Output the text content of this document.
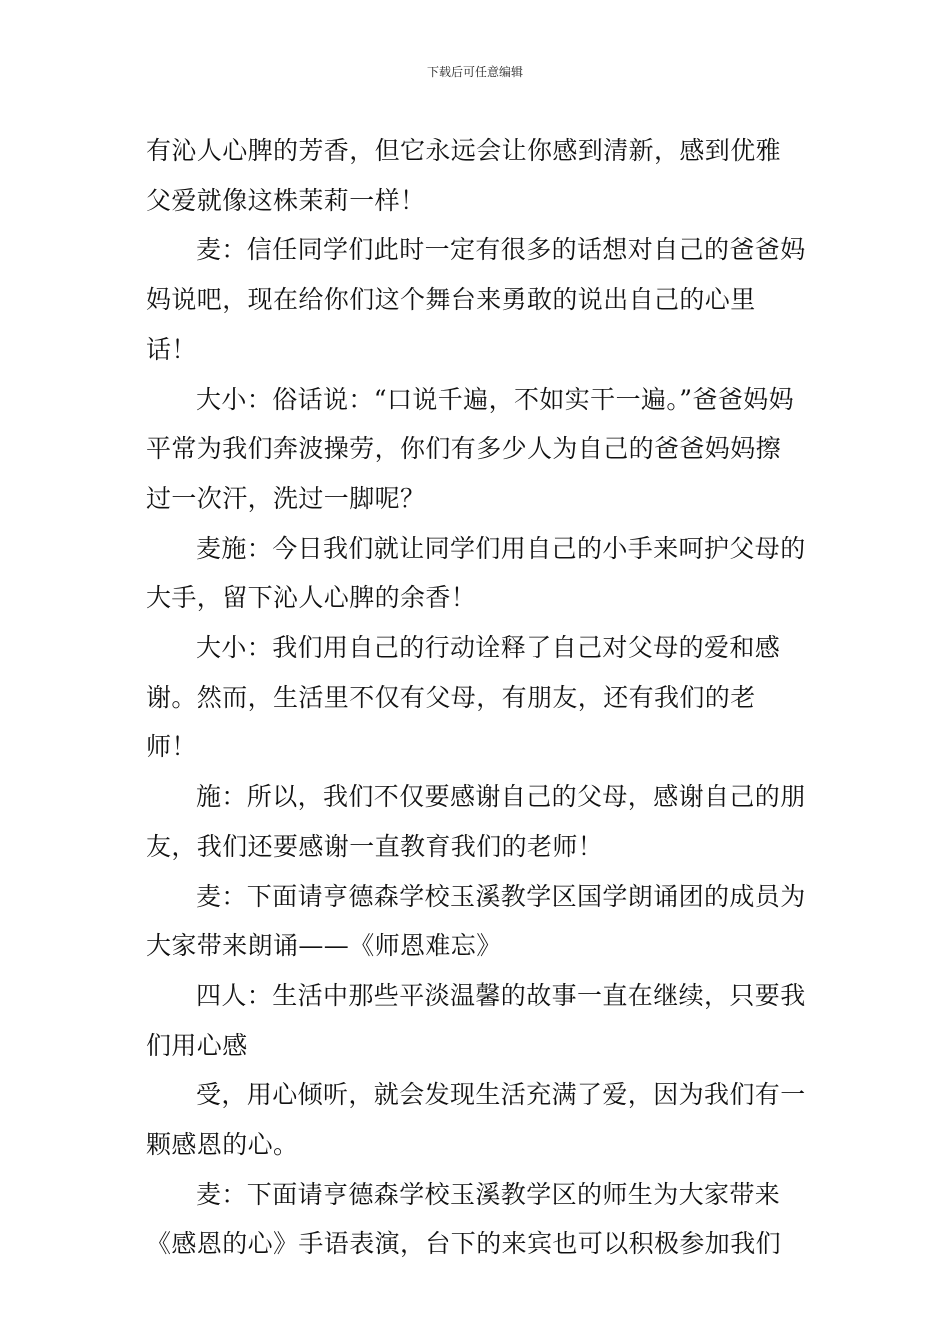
下载后可任意编辑

有沁人心脾的芳香，但它永远会让你感到清新，感到优雅父爱就像这株茉莉一样！

麦：信任同学们此时一定有很多的话想对自己的爸爸妈妈说吧，现在给你们这个舞台来勇敢的说出自己的心里话！

大小：俗话说：“口说千遍，不如实干一遍。”爸爸妈妈平常为我们奔波操劳，你们有多少人为自己的爸爸妈妈擦过一次汗，洗过一脚呢？

麦施：今日我们就让同学们用自己的小手来呵护父母的大手，留下沁人心脾的余香！

大小：我们用自己的行动诠释了自己对父母的爱和感谢。然而，生活里不仅有父母，有朋友，还有我们的老师！

施：所以，我们不仅要感谢自己的父母，感谢自己的朋友，我们还要感谢一直教育我们的老师！

麦：下面请亨德森学校玉溪教学区国学朗诵团的成员为大家带来朗诵——《师恩难忘》

四人：生活中那些平淡温馨的故事一直在继续，只要我们用心感

受，用心倾听，就会发现生活充满了爱，因为我们有一颗感恩的心。

麦：下面请亨德森学校玉溪教学区的师生为大家带来《感恩的心》手语表演，台下的来宾也可以积极参加我们
